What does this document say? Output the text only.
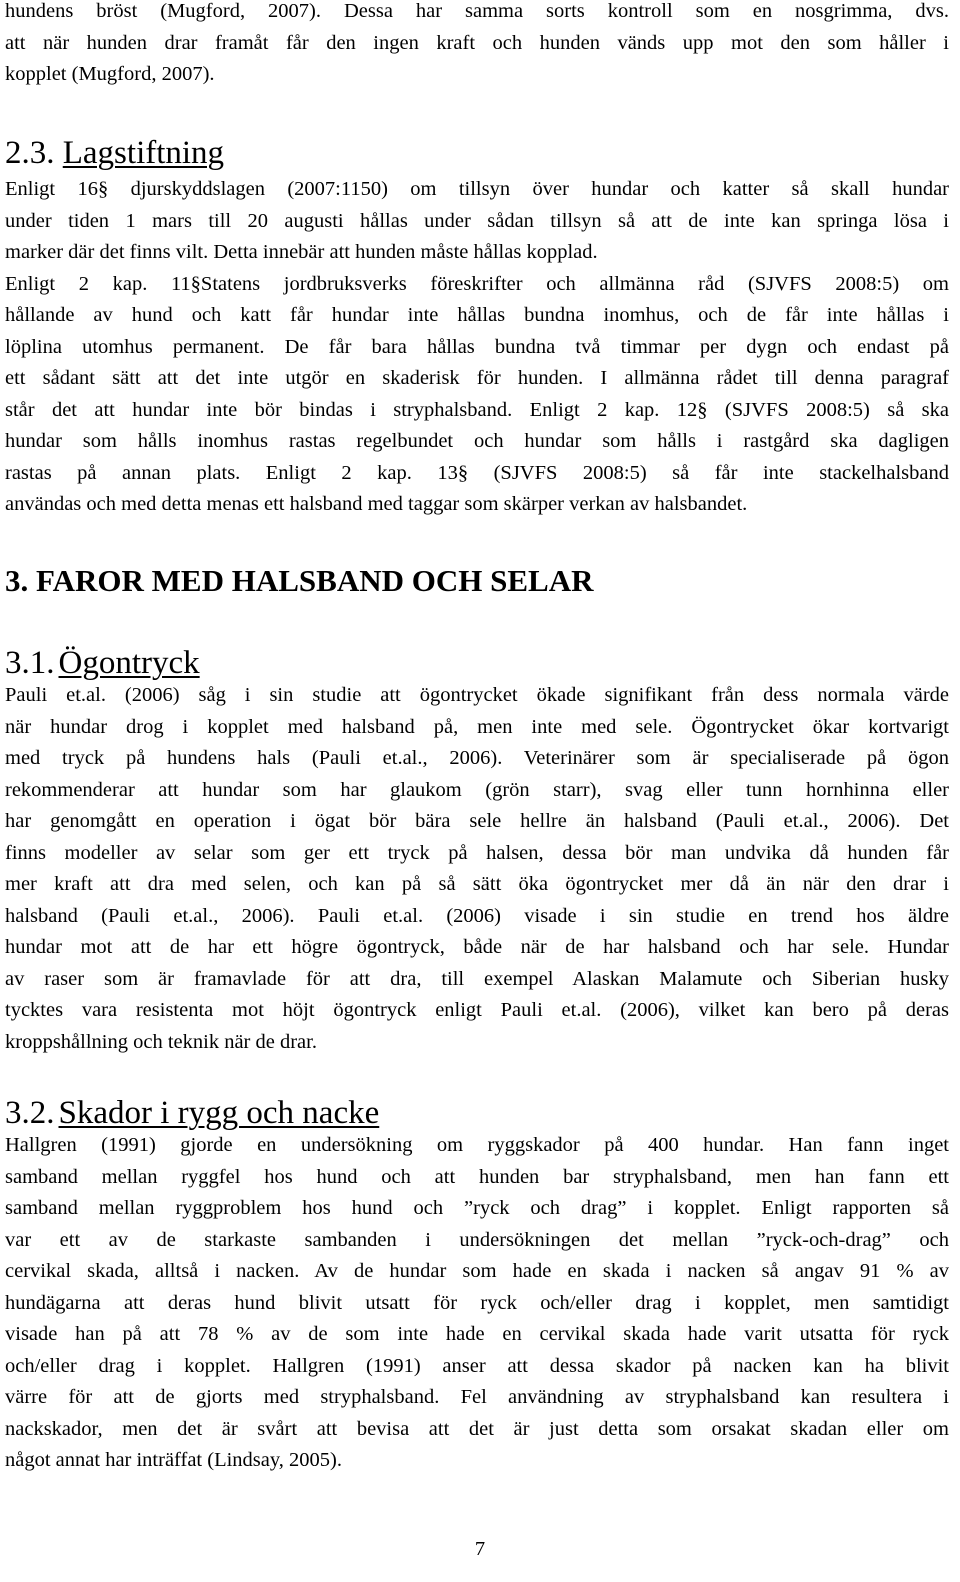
hundens bröst (Mugford, 2007). Dessa har samma sorts kontroll som en nosgrimma, dvs.
att när hunden drar framåt får den ingen kraft och hunden vänds upp mot den som håller i
kopplet (Mugford, 2007).
2.3. Lagstiftning
Enligt 16§ djurskyddslagen (2007:1150) om tillsyn över hundar och katter så skall hundar
under tiden 1 mars till 20 augusti hållas under sådan tillsyn så att de inte kan springa lösa i
marker där det finns vilt. Detta innebär att hunden måste hållas kopplad.
Enligt 2 kap. 11§Statens jordbruksverks föreskrifter och allmänna råd (SJVFS 2008:5) om
hållande av hund och katt får hundar inte hållas bundna inomhus, och de får inte hållas i
löplina utomhus permanent. De får bara hållas bundna två timmar per dygn och endast på
ett sådant sätt att det inte utgör en skaderisk för hunden. I allmänna rådet till denna paragraf
står det att hundar inte bör bindas i stryphalsband. Enligt 2 kap. 12§ (SJVFS 2008:5) så ska
hundar som hålls inomhus rastas regelbundet och hundar som hålls i rastgård ska dagligen
rastas på annan plats. Enligt 2 kap. 13§ (SJVFS 2008:5) så får inte stackelhalsband
användas och med detta menas ett halsband med taggar som skärper verkan av halsbandet.
3. FAROR MED HALSBAND OCH SELAR
3.1. Ögontryck
Pauli et.al. (2006) såg i sin studie att ögontrycket ökade signifikant från dess normala värde
när hundar drog i kopplet med halsband på, men inte med sele. Ögontrycket ökar kortvarigt
med tryck på hundens hals (Pauli et.al., 2006). Veterinärer som är specialiserade på ögon
rekommenderar att hundar som har glaukom (grön starr), svag eller tunn hornhinna eller
har genomgått en operation i ögat bör bära sele hellre än halsband (Pauli et.al., 2006). Det
finns modeller av selar som ger ett tryck på halsen, dessa bör man undvika då hunden får
mer kraft att dra med selen, och kan på så sätt öka ögontrycket mer då än när den drar i
halsband (Pauli et.al., 2006). Pauli et.al. (2006) visade i sin studie en trend hos äldre
hundar mot att de har ett högre ögontryck, både när de har halsband och har sele. Hundar
av raser som är framavlade för att dra, till exempel Alaskan Malamute och Siberian husky
tycktes vara resistenta mot höjt ögontryck enligt Pauli et.al. (2006), vilket kan bero på deras
kroppshållning och teknik när de drar.
3.2. Skador i rygg och nacke
Hallgren (1991) gjorde en undersökning om ryggskador på 400 hundar. Han fann inget
samband mellan ryggfel hos hund och att hunden bar stryphalsband, men han fann ett
samband mellan ryggproblem hos hund och ”ryck och drag” i kopplet. Enligt rapporten så
var ett av de starkaste sambanden i undersökningen det mellan ”ryck-och-drag” och
cervikal skada, alltså i nacken. Av de hundar som hade en skada i nacken så angav 91 % av
hundägarna att deras hund blivit utsatt för ryck och/eller drag i kopplet, men samtidigt
visade han på att 78 % av de som inte hade en cervikal skada hade varit utsatta för ryck
och/eller drag i kopplet. Hallgren (1991) anser att dessa skador på nacken kan ha blivit
värre för att de gjorts med stryphalsband. Fel användning av stryphalsband kan resultera i
nackskador, men det är svårt att bevisa att det är just detta som orsakat skadan eller om
något annat har inträffat (Lindsay, 2005).
7
